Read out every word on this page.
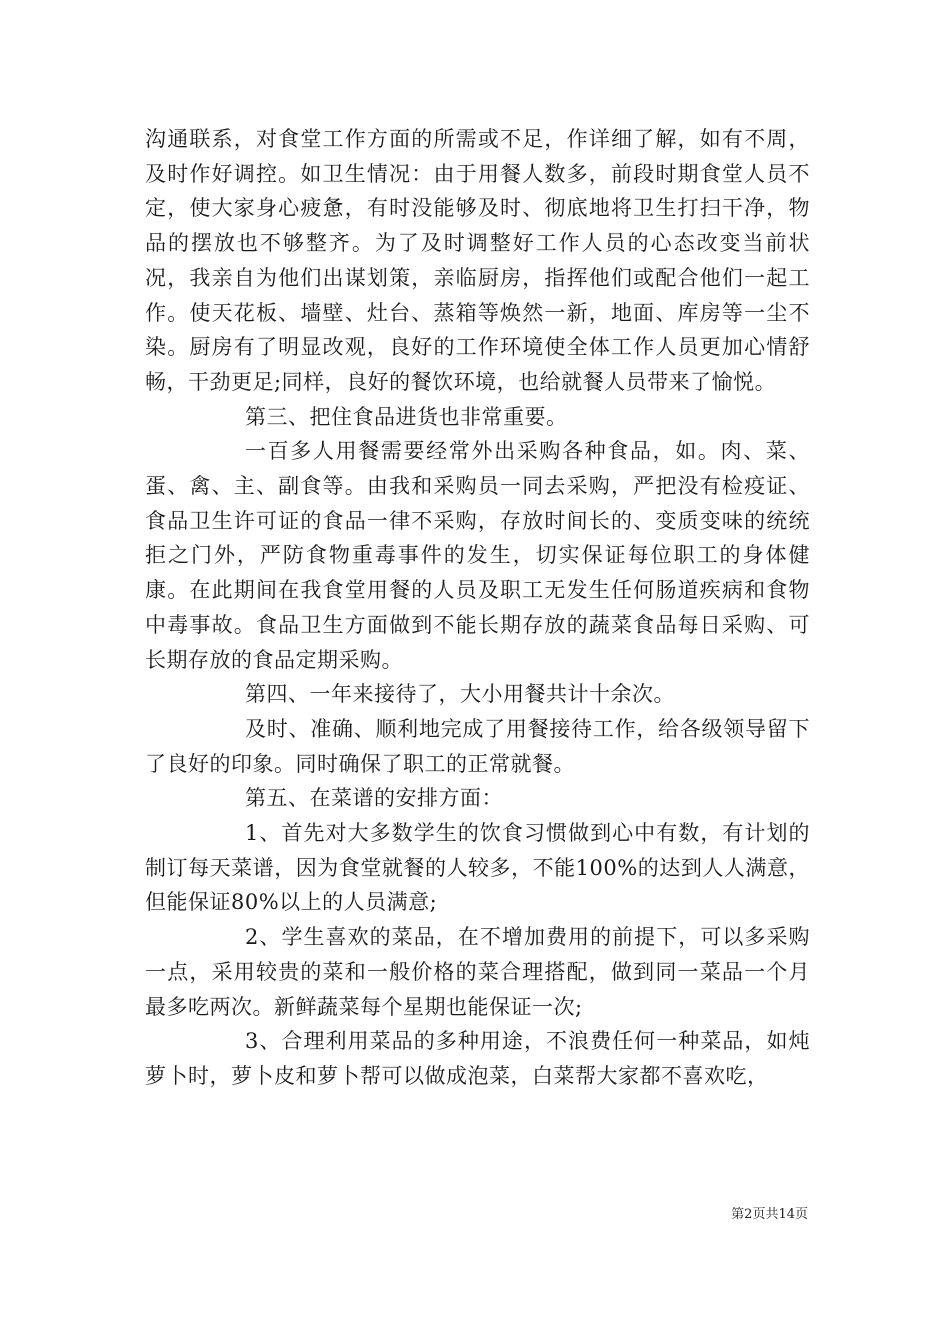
沟通联系，对食堂工作方面的所需或不足，作详细了解，如有不周，及时作好调控。如卫生情况：由于用餐人数多，前段时期食堂人员不定，使大家身心疲惫，有时没能够及时、彻底地将卫生打扫干净，物品的摆放也不够整齐。为了及时调整好工作人员的心态改变当前状况，我亲自为他们出谋划策，亲临厨房，指挥他们或配合他们一起工作。使天花板、墙壁、灶台、蒸箱等焕然一新，地面、库房等一尘不染。厨房有了明显改观，良好的工作环境使全体工作人员更加心情舒畅，干劲更足;同样，良好的餐饮环境，也给就餐人员带来了愉悦。

第三、把住食品进货也非常重要。

一百多人用餐需要经常外出采购各种食品，如。肉、菜、蛋、禽、主、副食等。由我和采购员一同去采购，严把没有检疫证、食品卫生许可证的食品一律不采购，存放时间长的、变质变味的统统拒之门外，严防食物重毒事件的发生，切实保证每位职工的身体健康。在此期间在我食堂用餐的人员及职工无发生任何肠道疾病和食物中毒事故。食品卫生方面做到不能长期存放的蔬菜食品每日采购、可长期存放的食品定期采购。

第四、一年来接待了，大小用餐共计十余次。

及时、准确、顺利地完成了用餐接待工作，给各级领导留下了良好的印象。同时确保了职工的正常就餐。

第五、在菜谱的安排方面：

1、首先对大多数学生的饮食习惯做到心中有数，有计划的制订每天菜谱，因为食堂就餐的人较多，不能100%的达到人人满意，但能保证80%以上的人员满意;

2、学生喜欢的菜品，在不增加费用的前提下，可以多采购一点，采用较贵的菜和一般价格的菜合理搭配，做到同一菜品一个月最多吃两次。新鲜蔬菜每个星期也能保证一次;

3、合理利用菜品的多种用途，不浪费任何一种菜品，如炖萝卜时，萝卜皮和萝卜帮可以做成泡菜，白菜帮大家都不喜欢吃，

第2页共14页
